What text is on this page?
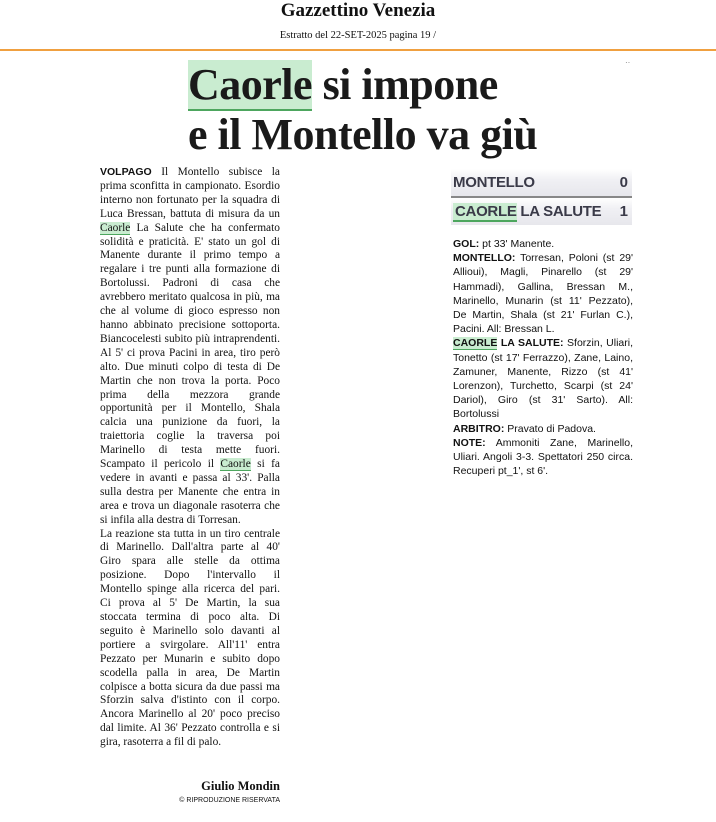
Gazzettino Venezia
Estratto del 22-SET-2025 pagina 19 /
··
Caorle si impone
e il Montello va giù

VOLPAGO Il Montello subisce la prima sconfitta in campionato. Esordio interno non fortunato per la squadra di Luca Bressan, battuta di misura da un Caorle La Salute che ha confermato solidità e praticità. E' stato un gol di Manente durante il primo tempo a regalare i tre punti alla formazione di Bortolussi. Padroni di casa che avrebbero meritato qualcosa in più, ma che al volume di gioco espresso non hanno abbinato precisione sottoporta. Biancocelesti subito più intraprendenti. Al 5' ci prova Pacini in area, tiro però alto. Due minuti colpo di testa di De Martin che non trova la porta. Poco prima della mezzora grande opportunità per il Montello, Shala calcia una punizione da fuori, la traiettoria coglie la traversa poi Marinello di testa mette fuori. Scampato il pericolo il Caorle si fa vedere in avanti e passa al 33'. Palla sulla destra per Manente che entra in area e trova un diagonale rasoterra che si infila alla destra di Torresan.

La reazione sta tutta in un tiro centrale di Marinello. Dall'altra parte al 40' Giro spara alle stelle da ottima posizione. Dopo l'intervallo il Montello spinge alla ricerca del pari. Ci prova al 5' De Martin, la sua stoccata termina di poco alta. Di seguito è Marinello solo davanti al portiere a svirgolare. All'11' entra Pezzato per Munarin e subito dopo scodella palla in area, De Martin colpisce a botta sicura da due passi ma Sforzin salva d'istinto con il corpo. Ancora Marinello al 20' poco preciso dal limite. Al 36' Pezzato controlla e si gira, rasoterra a fil di palo.

Giulio Mondin
© RIPRODUZIONE RISERVATA
MONTELLO	0
CAORLE LA SALUTE 1

GOL: pt 33' Manente.

MONTELLO: Torresan, Poloni (st 29' Allioui), Magli, Pinarello (st 29' Hammadi), Gallina, Bressan M., Marinello, Munarin (st 11' Pezzato), De Martin, Shala (st 21' Furlan C.), Pacini. All: Bressan L.

CAORLE LA SALUTE: Sforzin, Uliari, Tonetto (st 17' Ferrazzo), Zane, Laino, Zamuner, Manente, Rizzo (st 41' Lorenzon), Turchetto, Scarpi (st 24' Dariol), Giro (st 31' Sarto). All: Bortolussi

ARBITRO: Pravato di Padova.

NOTE: Ammoniti Zane, Marinello, Uliari. Angoli 3-3. Spettatori 250 circa. Recuperi pt_1', st 6'.
